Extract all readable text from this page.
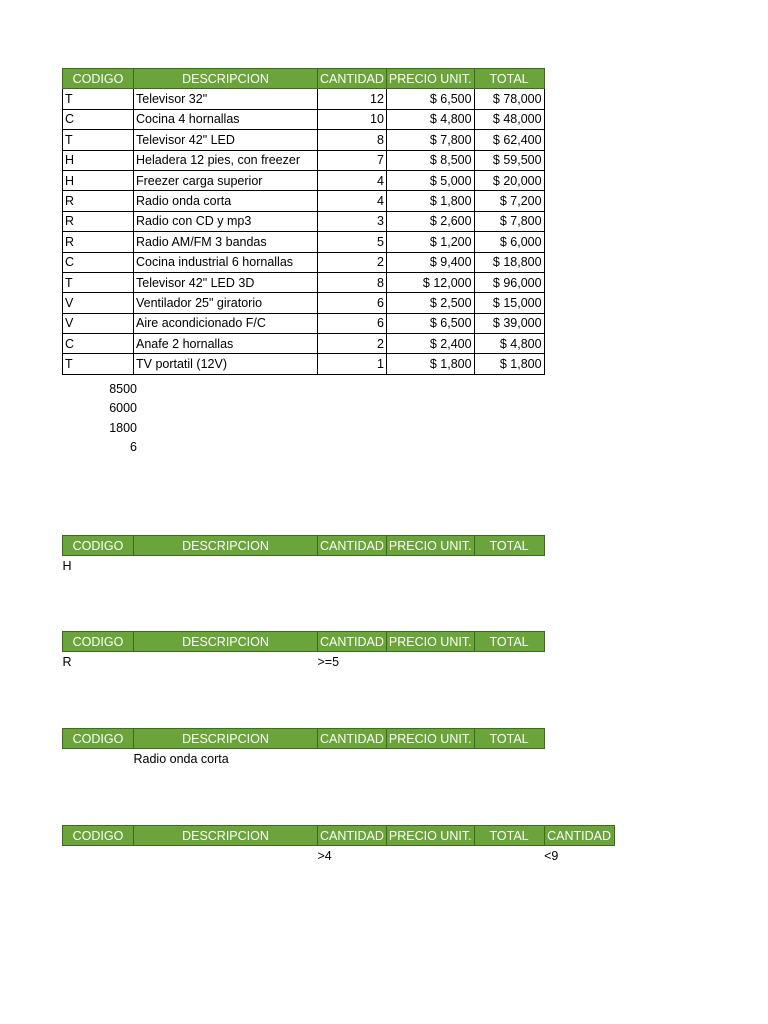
CODIGO	DESCRIPCION	CANTIDAD	PRECIO UNIT.	TOTAL
T	Televisor 32"	12	$ 6,500	$ 78,000
C	Cocina 4 hornallas	10	$ 4,800	$ 48,000
T	Televisor 42" LED	8	$ 7,800	$ 62,400
H	Heladera 12 pies, con freezer	7	$ 8,500	$ 59,500
H	Freezer carga superior	4	$ 5,000	$ 20,000
R	Radio onda corta	4	$ 1,800	$ 7,200
R	Radio con CD y mp3	3	$ 2,600	$ 7,800
R	Radio AM/FM 3 bandas	5	$ 1,200	$ 6,000
C	Cocina industrial 6 hornallas	2	$ 9,400	$ 18,800
T	Televisor 42" LED 3D	8	$ 12,000	$ 96,000
V	Ventilador 25" giratorio	6	$ 2,500	$ 15,000
V	Aire acondicionado F/C	6	$ 6,500	$ 39,000
C	Anafe 2 hornallas	2	$ 2,400	$ 4,800
T	TV portatil (12V)	1	$ 1,800	$ 1,800
8500
6000
1800
6
CODIGO	DESCRIPCION	CANTIDAD	PRECIO UNIT.	TOTAL
H				
CODIGO	DESCRIPCION	CANTIDAD	PRECIO UNIT.	TOTAL
R		>=5		
CODIGO	DESCRIPCION	CANTIDAD	PRECIO UNIT.	TOTAL
	Radio onda corta			
CODIGO	DESCRIPCION	CANTIDAD	PRECIO UNIT.	TOTAL	CANTIDAD
		>4			<9
